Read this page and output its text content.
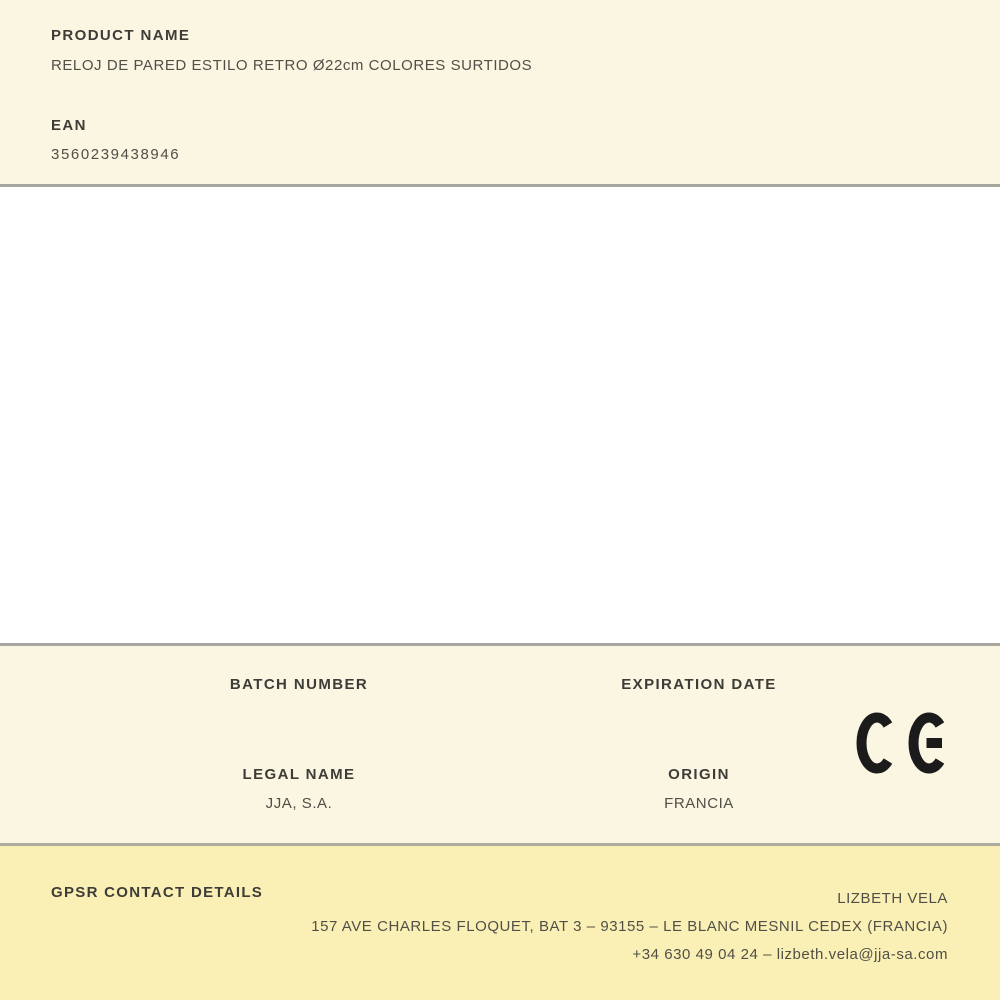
PRODUCT NAME
RELOJ DE PARED ESTILO RETRO Ø22cm COLORES SURTIDOS
EAN
3560239438946
BATCH NUMBER
LEGAL NAME
JJA, S.A.
EXPIRATION DATE
ORIGIN
FRANCIA
GPSR CONTACT DETAILS	LIZBETH VELA
157 AVE CHARLES FLOQUET, BAT 3 – 93155 – LE BLANC MESNIL CEDEX (FRANCIA)
+34 630 49 04 24 – lizbeth.vela@jja-sa.com
